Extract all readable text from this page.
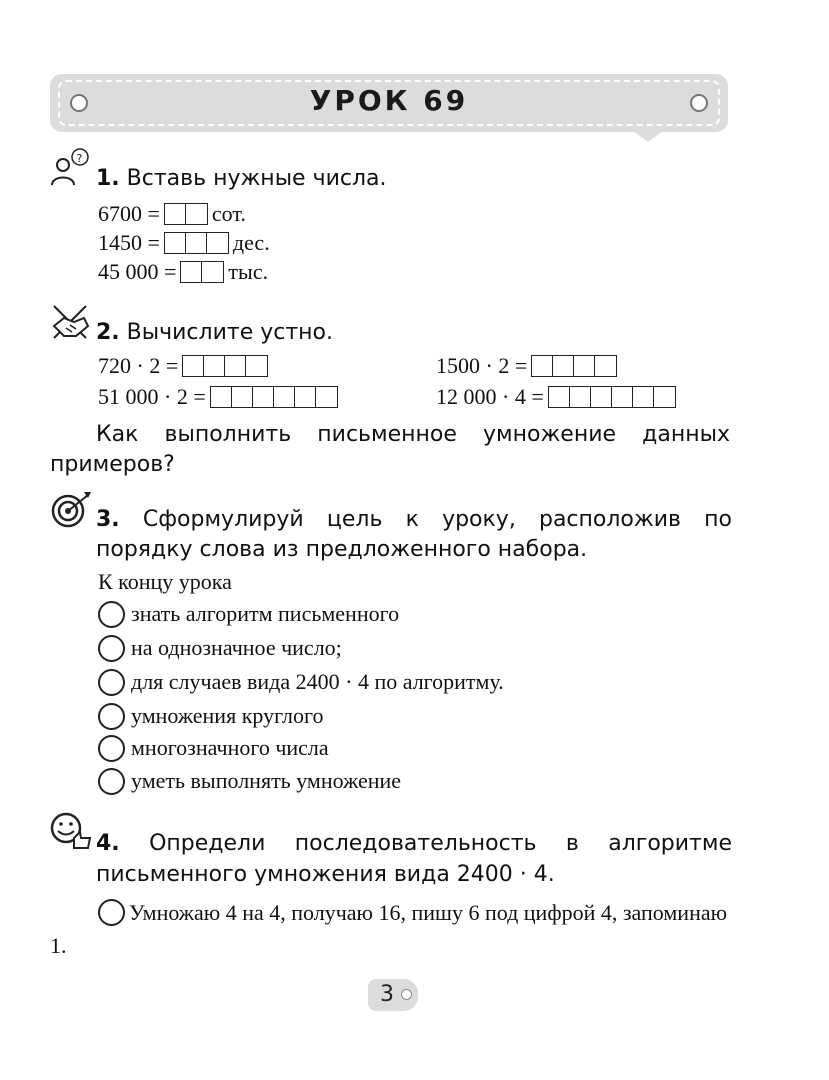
УРОК 69
?
1. Вставь нужные числа.
6700 = сот.
1450 =	дес.
45 000 = тыс.
2. Вычислите устно.
720 · 2 =	1500 · 2 =
51 000 · 2 =	12 000 · 4 =
Как выполнить письменное умножение данных примеров?
3. Сформулируй цель к уроку, расположив по порядку слова из предложенного набора.
К концу урока
знать алгоритм письменного
на однозначное число;
для случаев вида 2400 · 4 по алгоритму.
умножения круглого
многозначного числа
уметь выполнять умножение
4. Определи последовательность в алгоритме письменного умножения вида 2400 · 4.
Умножаю 4 на 4, получаю 16, пишу 6 под цифрой 4, запоминаю 1.
3
